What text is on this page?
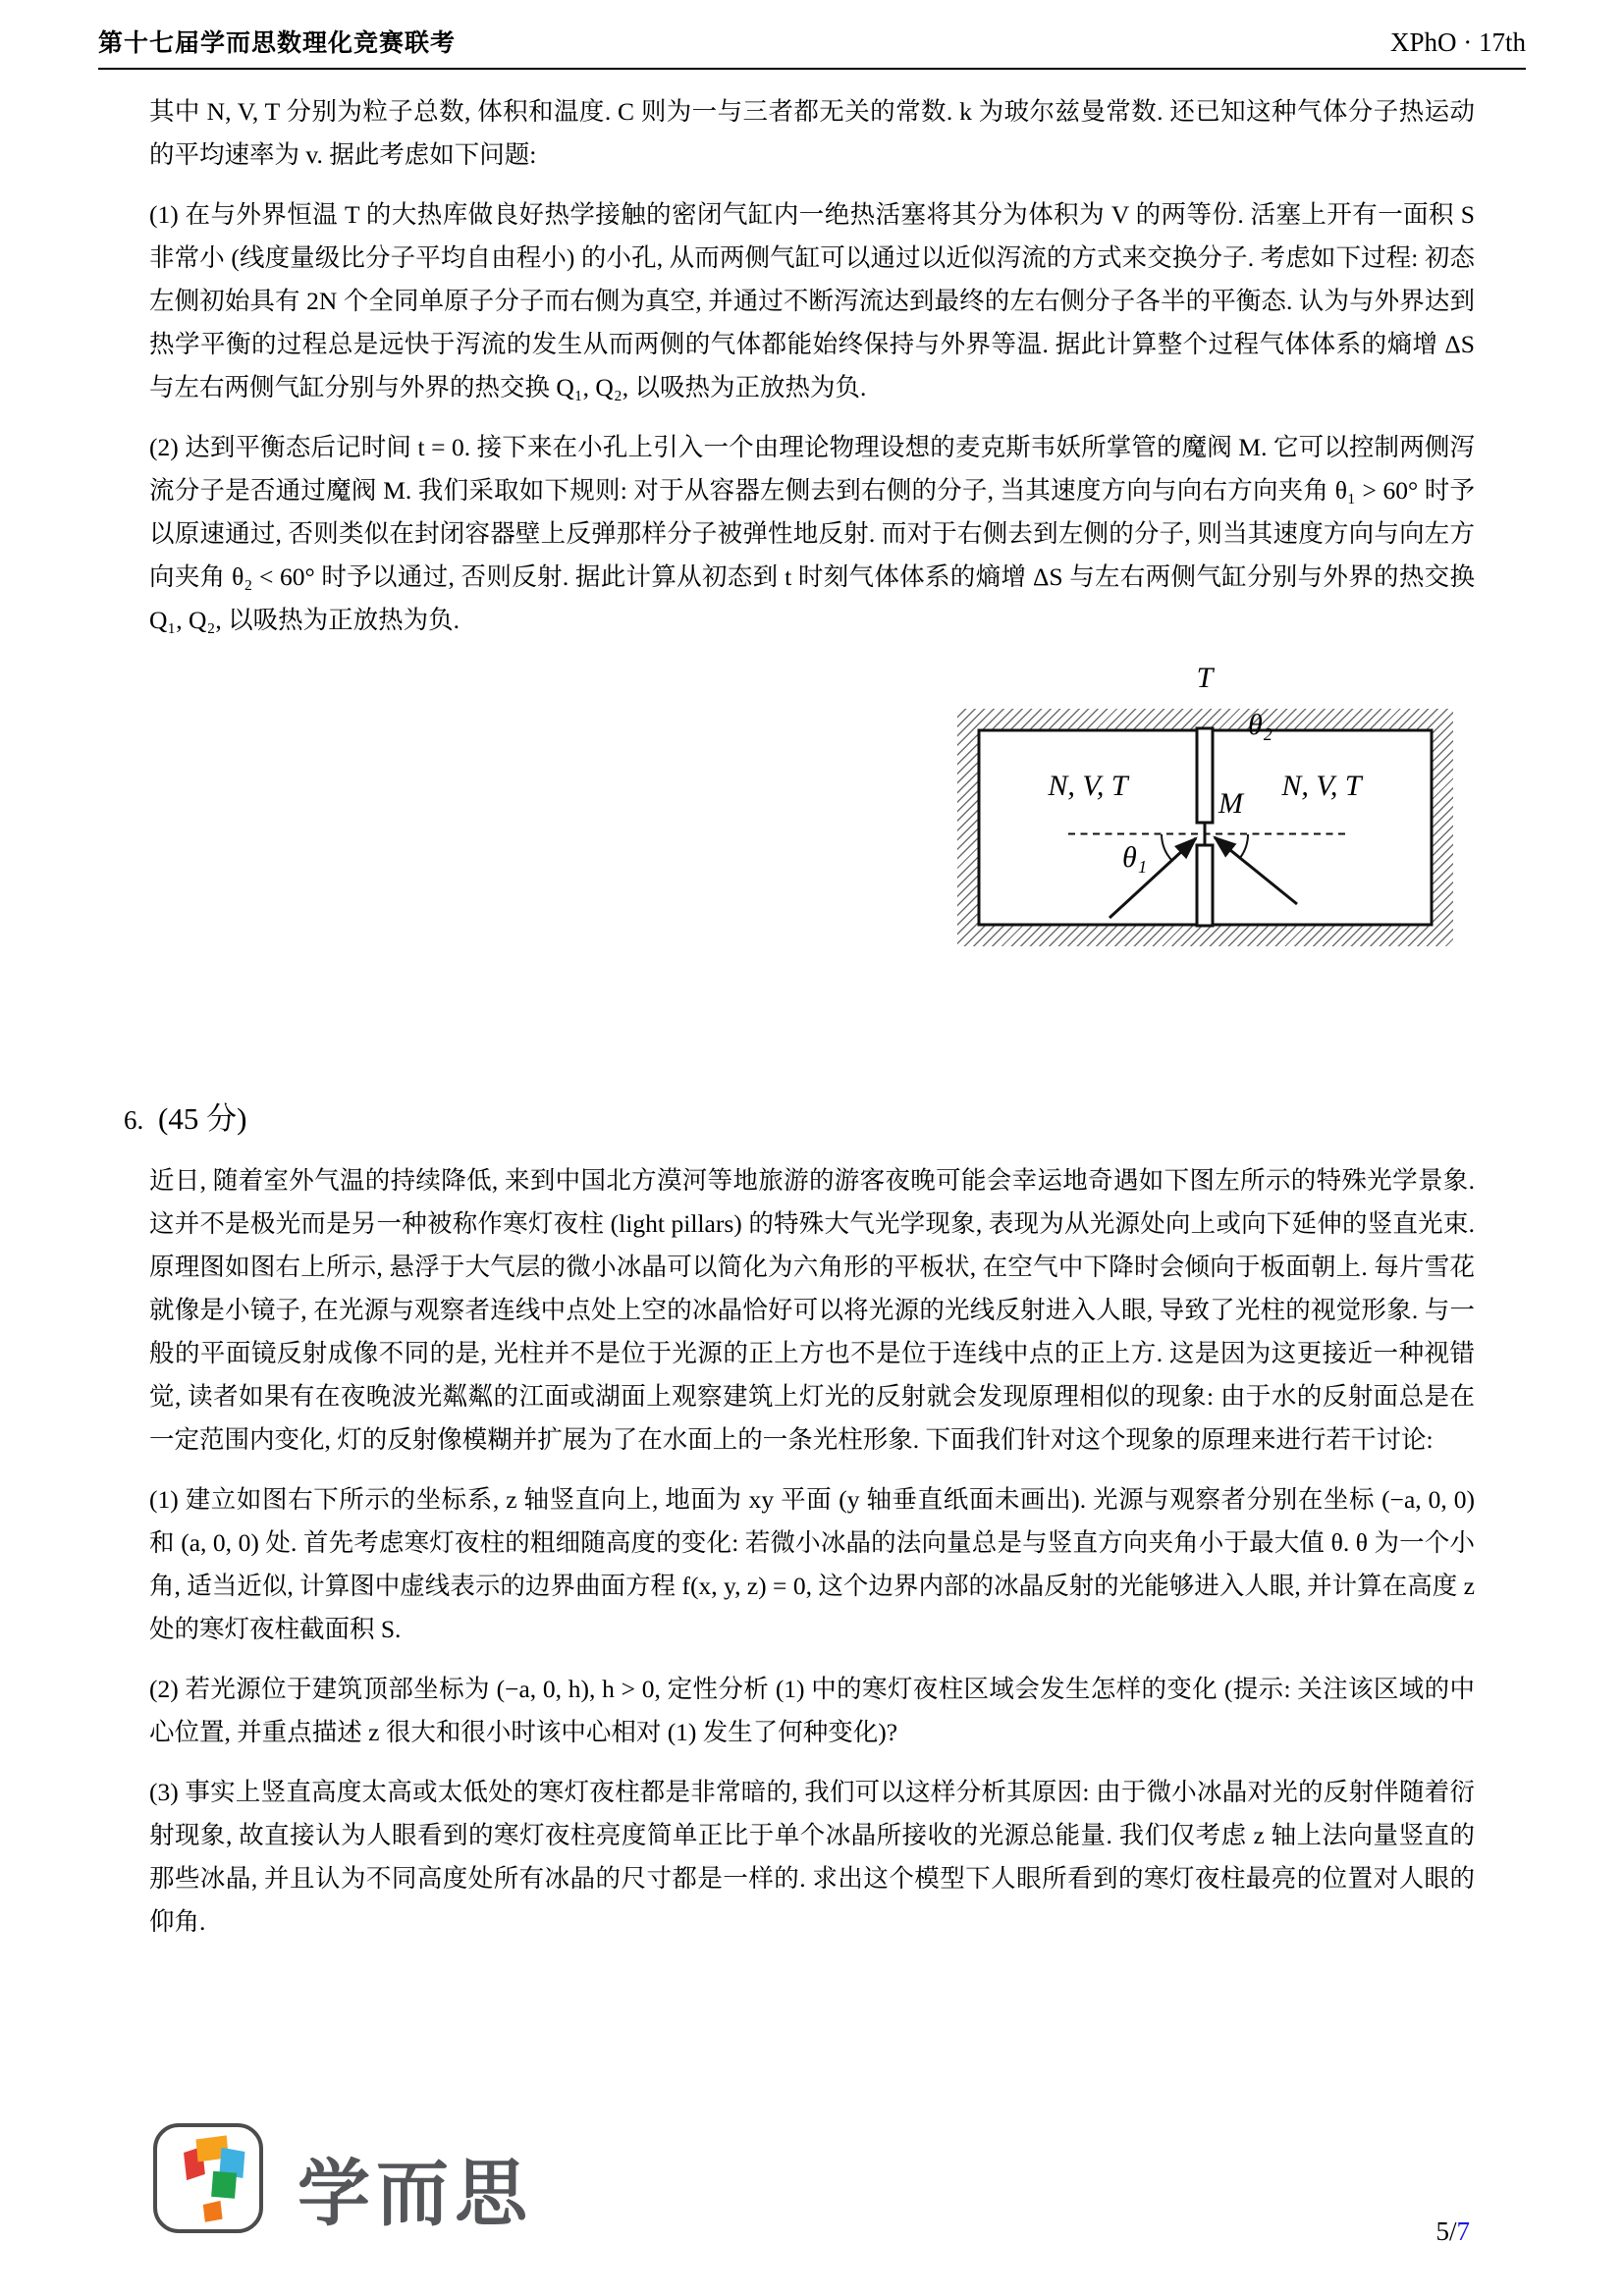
第十七届学而思数理化竞赛联考	XPhO · 17th

其中 N, V, T 分别为粒子总数, 体积和温度. C 则为一与三者都无关的常数. k 为玻尔兹曼常数. 还已知这种气体分子热运动的平均速率为 v. 据此考虑如下问题:

(1) 在与外界恒温 T 的大热库做良好热学接触的密闭气缸内一绝热活塞将其分为体积为 V 的两等份. 活塞上开有一面积 S 非常小 (线度量级比分子平均自由程小) 的小孔, 从而两侧气缸可以通过以近似泻流的方式来交换分子. 考虑如下过程: 初态左侧初始具有 2N 个全同单原子分子而右侧为真空, 并通过不断泻流达到最终的左右侧分子各半的平衡态. 认为与外界达到热学平衡的过程总是远快于泻流的发生从而两侧的气体都能始终保持与外界等温. 据此计算整个过程气体体系的熵增 ΔS 与左右两侧气缸分别与外界的热交换 Q₁, Q₂, 以吸热为正放热为负.

(2) 达到平衡态后记时间 t = 0. 接下来在小孔上引入一个由理论物理设想的麦克斯韦妖所掌管的魔阀 M. 它可以控制两侧泻流分子是否通过魔阀 M. 我们采取如下规则: 对于从容器左侧去到右侧的分子, 当其速度方向与向右方向夹角 θ₁ > 60° 时予以原速通过, 否则类似在封闭容器壁上反弹那样分子被弹性地反射. 而对于右侧去到左侧的分子, 则当其速度方向与向左方向夹角 θ₂ < 60° 时予以通过, 否则反射. 据此计算从初态到 t 时刻气体体系的熵增 ΔS 与左右两侧气缸分别与外界的热交换 Q₁, Q₂, 以吸热为正放热为负.

T
N, V, T	N, V, T
M
θ₁
θ₂
6. (45 分)

近日, 随着室外气温的持续降低, 来到中国北方漠河等地旅游的游客夜晚可能会幸运地奇遇如下图左所示的特殊光学景象. 这并不是极光而是另一种被称作寒灯夜柱 (light pillars) 的特殊大气光学现象, 表现为从光源处向上或向下延伸的竖直光束. 原理图如图右上所示, 悬浮于大气层的微小冰晶可以简化为六角形的平板状, 在空气中下降时会倾向于板面朝上. 每片雪花就像是小镜子, 在光源与观察者连线中点处上空的冰晶恰好可以将光源的光线反射进入人眼, 导致了光柱的视觉形象. 与一般的平面镜反射成像不同的是, 光柱并不是位于光源的正上方也不是位于连线中点的正上方. 这是因为这更接近一种视错觉, 读者如果有在夜晚波光粼粼的江面或湖面上观察建筑上灯光的反射就会发现原理相似的现象: 由于水的反射面总是在一定范围内变化, 灯的反射像模糊并扩展为了在水面上的一条光柱形象. 下面我们针对这个现象的原理来进行若干讨论:

(1) 建立如图右下所示的坐标系, z 轴竖直向上, 地面为 xy 平面 (y 轴垂直纸面未画出). 光源与观察者分别在坐标 (−a, 0, 0) 和 (a, 0, 0) 处. 首先考虑寒灯夜柱的粗细随高度的变化: 若微小冰晶的法向量总是与竖直方向夹角小于最大值 θ. θ 为一个小角, 适当近似, 计算图中虚线表示的边界曲面方程 f(x, y, z) = 0, 这个边界内部的冰晶反射的光能够进入人眼, 并计算在高度 z 处的寒灯夜柱截面积 S.

(2) 若光源位于建筑顶部坐标为 (−a, 0, h), h > 0, 定性分析 (1) 中的寒灯夜柱区域会发生怎样的变化 (提示: 关注该区域的中心位置, 并重点描述 z 很大和很小时该中心相对 (1) 发生了何种变化)?

(3) 事实上竖直高度太高或太低处的寒灯夜柱都是非常暗的, 我们可以这样分析其原因: 由于微小冰晶对光的反射伴随着衍射现象, 故直接认为人眼看到的寒灯夜柱亮度简单正比于单个冰晶所接收的光源总能量. 我们仅考虑 z 轴上法向量竖直的那些冰晶, 并且认为不同高度处所有冰晶的尺寸都是一样的. 求出这个模型下人眼所看到的寒灯夜柱最亮的位置对人眼的仰角.

学而思	5/7
